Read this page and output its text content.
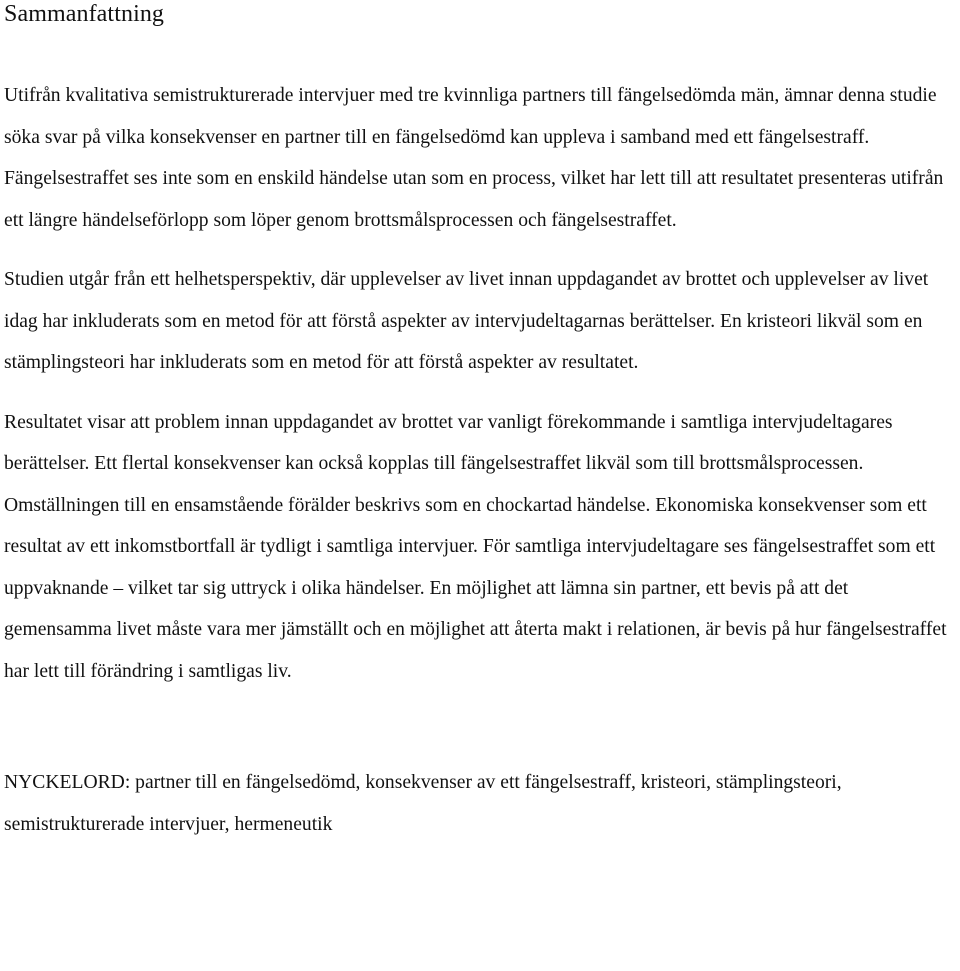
Sammanfattning

Utifrån kvalitativa semistrukturerade intervjuer med tre kvinnliga partners till fängelsedömda män, ämnar denna studie söka svar på vilka konsekvenser en partner till en fängelsedömd kan uppleva i samband med ett fängelsestraff. Fängelsestraffet ses inte som en enskild händelse utan som en process, vilket har lett till att resultatet presenteras utifrån ett längre händelseförlopp som löper genom brottsmålsprocessen och fängelsestraffet.

Studien utgår från ett helhetsperspektiv, där upplevelser av livet innan uppdagandet av brottet och upplevelser av livet idag har inkluderats som en metod för att förstå aspekter av intervjudeltagarnas berättelser. En kristeori likväl som en stämplingsteori har inkluderats som en metod för att förstå aspekter av resultatet.

Resultatet visar att problem innan uppdagandet av brottet var vanligt förekommande i samtliga intervjudeltagares berättelser. Ett flertal konsekvenser kan också kopplas till fängelsestraffet likväl som till brottsmålsprocessen. Omställningen till en ensamstående förälder beskrivs som en chockartad händelse. Ekonomiska konsekvenser som ett resultat av ett inkomstbortfall är tydligt i samtliga intervjuer. För samtliga intervjudeltagare ses fängelsestraffet som ett uppvaknande – vilket tar sig uttryck i olika händelser. En möjlighet att lämna sin partner, ett bevis på att det gemensamma livet måste vara mer jämställt och en möjlighet att återta makt i relationen, är bevis på hur fängelsestraffet har lett till förändring i samtligas liv.

NYCKELORD: partner till en fängelsedömd, konsekvenser av ett fängelsestraff, kristeori, stämplingsteori, semistrukturerade intervjuer, hermeneutik
